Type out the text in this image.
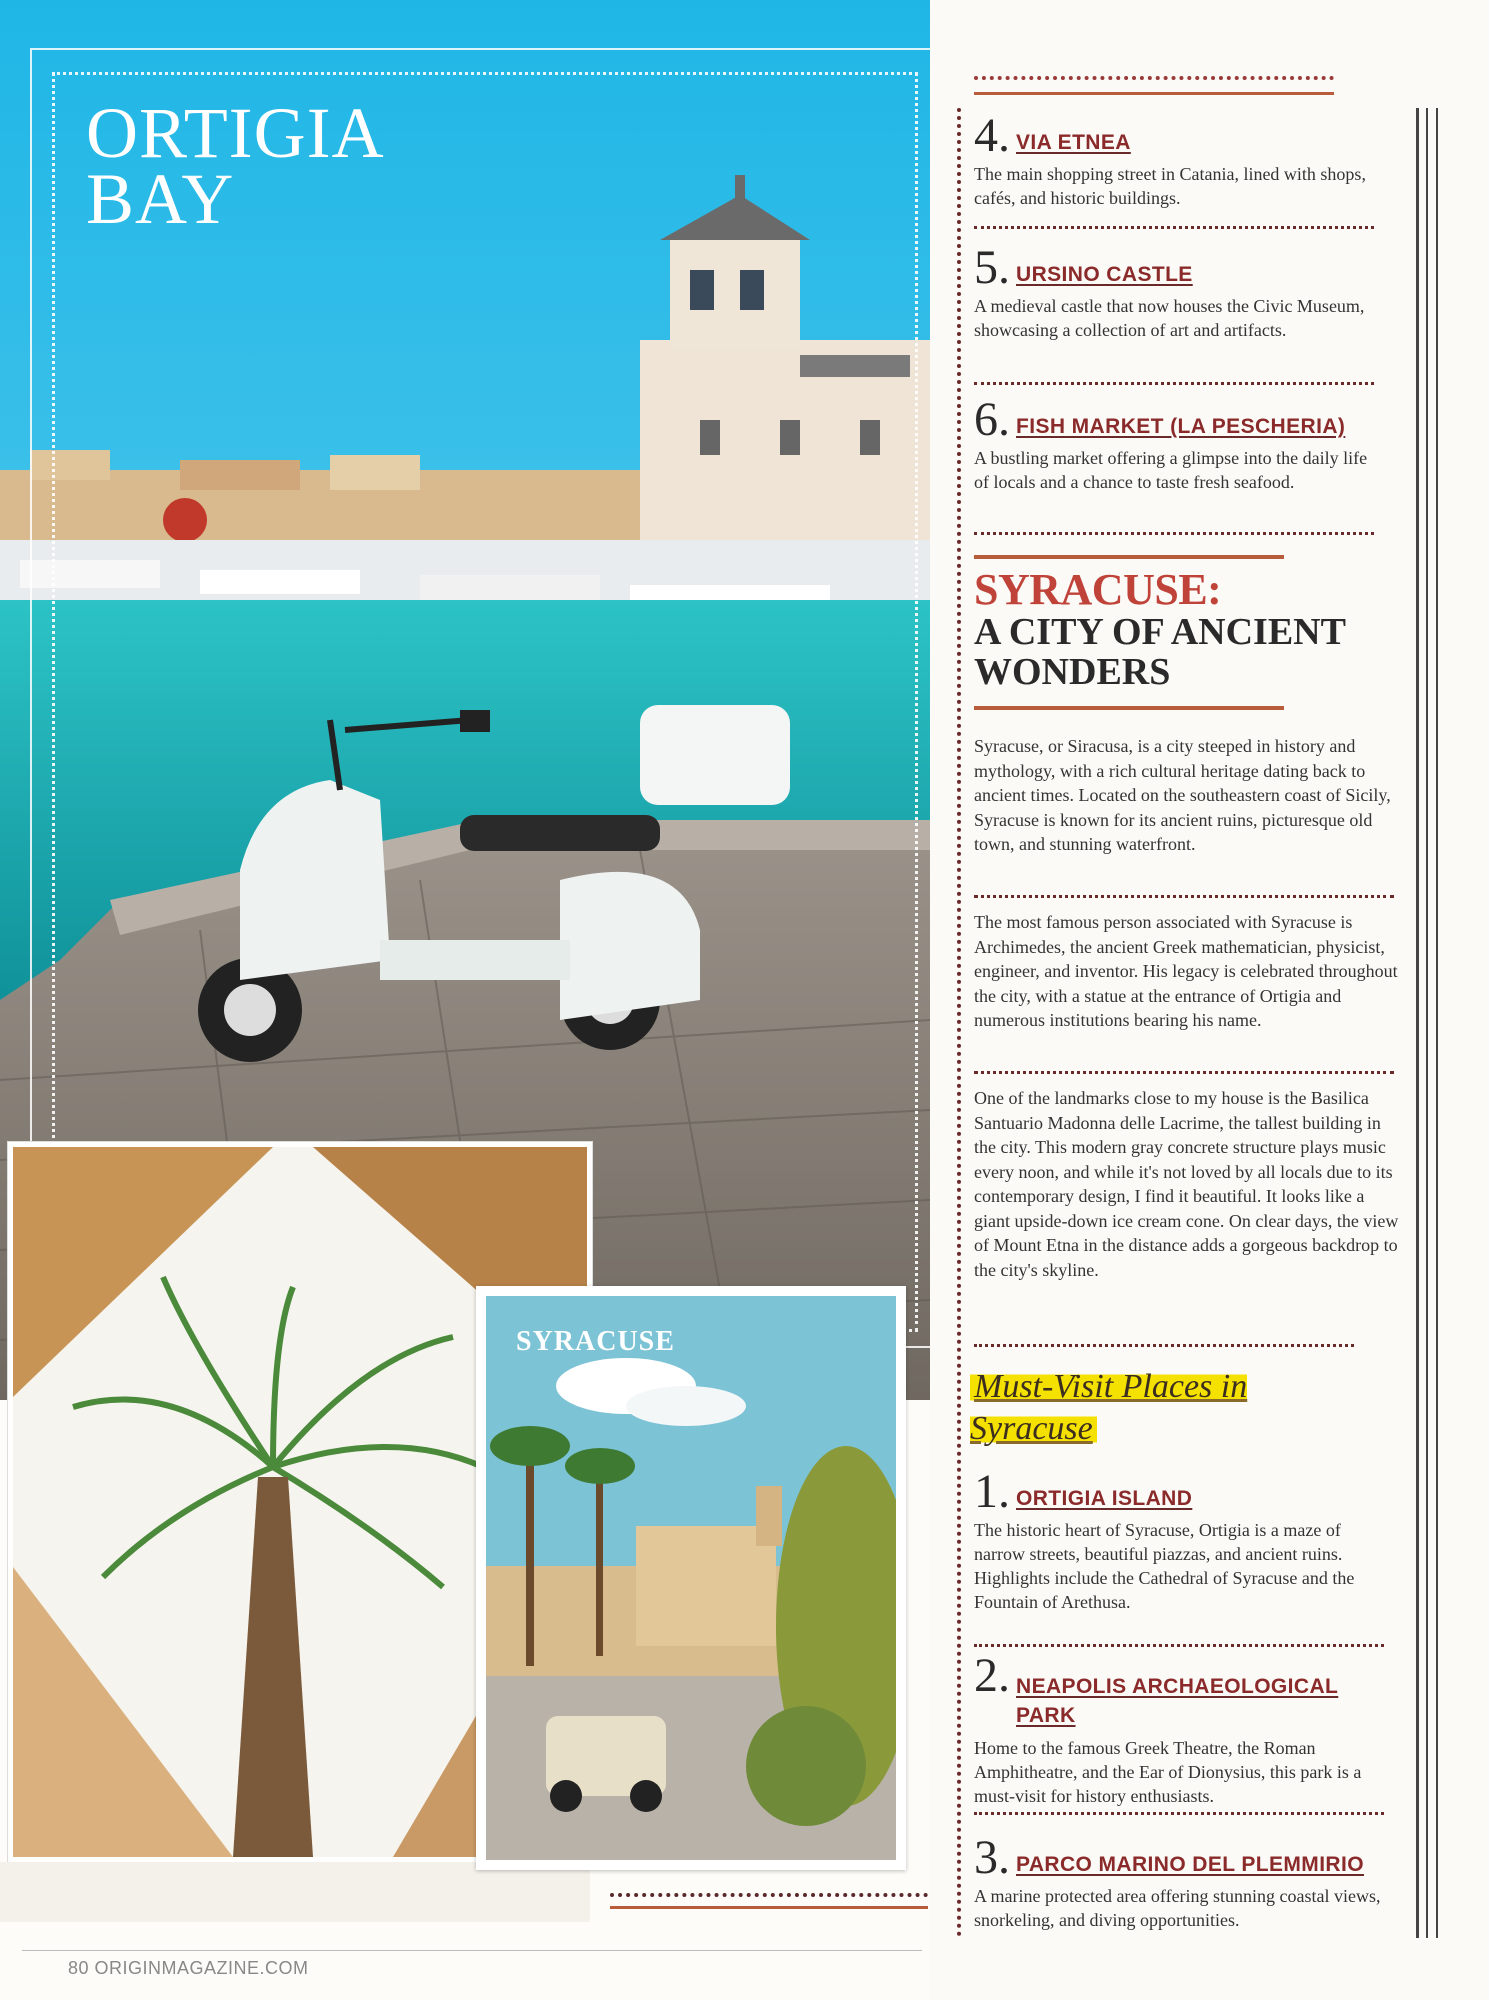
ORTIGIA
BAY
SYRACUSE
4. VIA ETNEA

The main shopping street in Catania, lined with shops, cafés, and historic buildings.

5. URSINO CASTLE

A medieval castle that now houses the Civic Museum, showcasing a collection of art and artifacts.

6. FISH MARKET (LA PESCHERIA)

A bustling market offering a glimpse into the daily life of locals and a chance to taste fresh seafood.

SYRACUSE:
A CITY OF ANCIENT WONDERS

Syracuse, or Siracusa, is a city steeped in history and mythology, with a rich cultural heritage dating back to ancient times. Located on the southeastern coast of Sicily, Syracuse is known for its ancient ruins, picturesque old town, and stunning waterfront.

The most famous person associated with Syracuse is Archimedes, the ancient Greek mathematician, physicist, engineer, and inventor. His legacy is celebrated throughout the city, with a statue at the entrance of Ortigia and numerous institutions bearing his name.

One of the landmarks close to my house is the Basilica Santuario Madonna delle Lacrime, the tallest building in the city. This modern gray concrete structure plays music every noon, and while it's not loved by all locals due to its contemporary design, I find it beautiful. It looks like a giant upside-down ice cream cone. On clear days, the view of Mount Etna in the distance adds a gorgeous backdrop to the city's skyline.

Must-Visit Places in Syracuse
1. ORTIGIA ISLAND

The historic heart of Syracuse, Ortigia is a maze of narrow streets, beautiful piazzas, and ancient ruins. Highlights include the Cathedral of Syracuse and the Fountain of Arethusa.

2. NEAPOLIS ARCHAEOLOGICAL PARK

Home to the famous Greek Theatre, the Roman Amphitheatre, and the Ear of Dionysius, this park is a must-visit for history enthusiasts.

3. PARCO MARINO DEL PLEMMIRIO

A marine protected area offering stunning coastal views, snorkeling, and diving opportunities.

80 ORIGINMAGAZINE.COM
